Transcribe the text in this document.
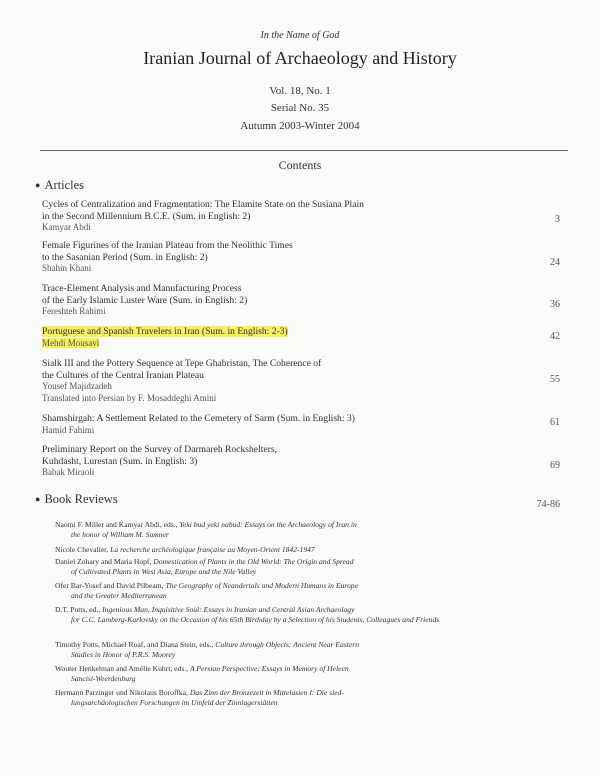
In the Name of God
Iranian Journal of Archaeology and History
Vol. 18, No. 1
Serial No. 35
Autumn 2003-Winter 2004
Contents
● Articles
Cycles of Centralization and Fragmentation: The Elamite State on the Susiana Plain
in the Second Millennium B.C.E. (Sum. in English: 2)
Kamyar Abdi
3
Female Figurines of the Iranian Plateau from the Neolithic Times
to the Sasanian Period (Sum. in English: 2)
Shahin Khani	24
Trace-Element Analysis and Manufacturing Process
of the Early Islamic Luster Ware (Sum. in English: 2)
Fereshteh Rahimi
36
Portuguese and Spanish Travelers in Iran (Sum. in English: 2-3)
Mehdi Mousavi
42
Sialk III and the Pottery Sequence at Tepe Ghabristan, The Coherence of
the Cultures of the Central Iranian Plateau
Yousef Majidzadeh
Translated into Persian by F. Mosaddeghi Amini
55
Shamshirgah: A Settlement Related to the Cemetery of Sarm (Sum. in English: 3)
Hamid Fahimi
61
Preliminary Report on the Survey of Darmareh Rockshelters,
Kuhdasht, Lurestan (Sum. in English: 3)
Babak Miraoli
69
● Book Reviews	74-86
Naomi F. Miller and Kamyar Abdi, eds., Yeki bud yeki nabud: Essays on the Archaeology of Iran in
the honor of William M. Sumner
Nicole Chevalier, La recherche archéologique française au Moyen-Orient 1842-1947
Daniel Zohary and Maria Hopf, Domestication of Plants in the Old World: The Origin and Spread
of Cultivated Plants in West Asia, Europe and the Nile Valley
Ofer Bar-Yosef and David Pilbeam, The Geography of Neandertals and Modern Humans in Europe
and the Greater Mediterranean
D.T. Potts, ed., Ingenious Man, Inquisitive Soul: Essays in Iranian and Central Asian Archaeology
for C.C. Lamberg-Karlovsky on the Occasion of his 65th Birthday by a Selection of his Students, Colleagues and Friends
Timothy Potts, Michael Roaf, and Diana Stein, eds., Culture through Objects: Ancient Near Eastern
Studies in Honor of P.R.S. Moorey
Wouter Henkelman and Amélie Kuhrt, eds., A Persian Perspective: Essays in Memory of Heleen
Sancisi-Weerdenburg
Hermann Parzinger und Nikolaus Boroffka, Das Zinn der Bronzezeit in Mittelasien I: Die sied-
lungsarchäologischen Forschungen im Umfeld der Zinnlagerstätten
